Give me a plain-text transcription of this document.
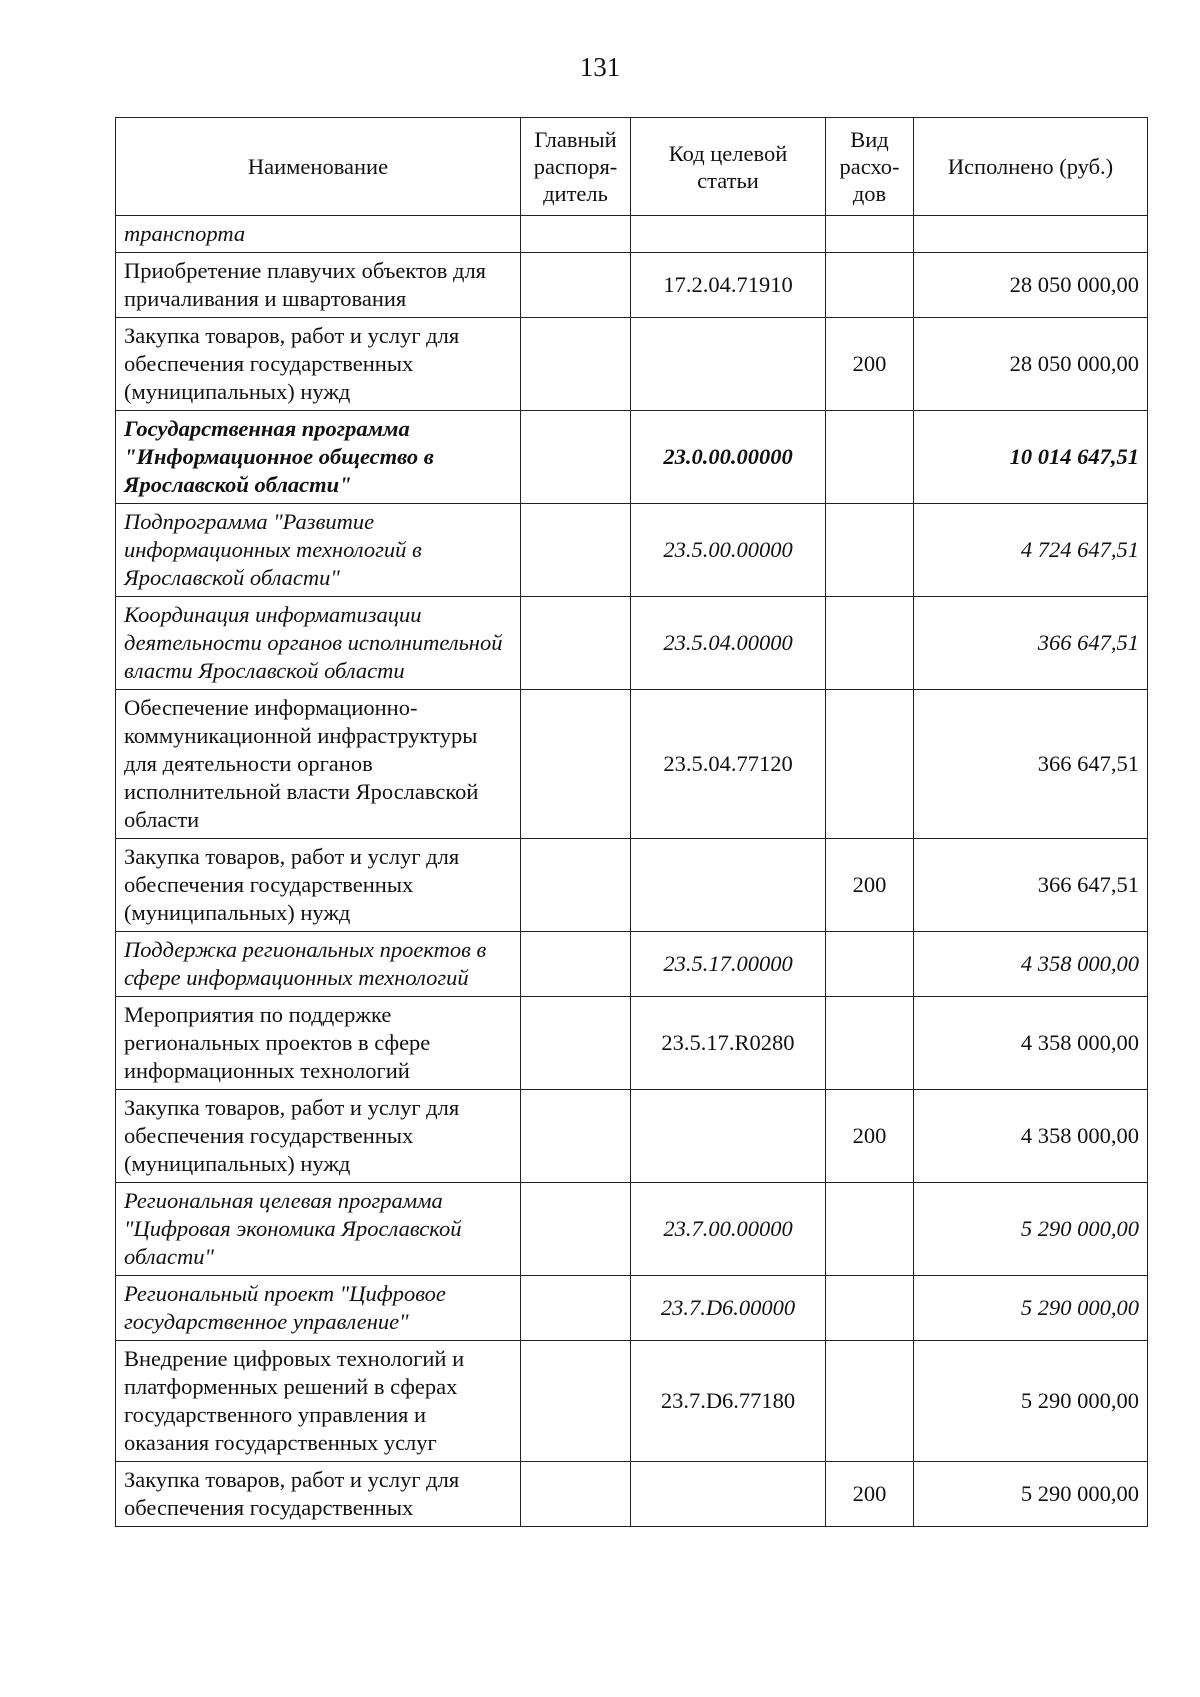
131
Наименование	Главный распоря-дитель	Код целевой статьи	Вид расхо-дов	Исполнено (руб.)
транспорта				
Приобретение плавучих объектов для причаливания и швартования		17.2.04.71910		28 050 000,00
Закупка товаров, работ и услуг для обеспечения государственных (муниципальных) нужд			200	28 050 000,00
Государственная программа "Информационное общество в Ярославской области"		23.0.00.00000		10 014 647,51
Подпрограмма "Развитие информационных технологий в Ярославской области"		23.5.00.00000		4 724 647,51
Координация информатизации деятельности органов исполнительной власти Ярославской области		23.5.04.00000		366 647,51
Обеспечение информационно-коммуникационной инфраструктуры для деятельности органов исполнительной власти Ярославской области		23.5.04.77120		366 647,51
Закупка товаров, работ и услуг для обеспечения государственных (муниципальных) нужд			200	366 647,51
Поддержка региональных проектов в сфере информационных технологий		23.5.17.00000		4 358 000,00
Мероприятия по поддержке региональных проектов в сфере информационных технологий		23.5.17.R0280		4 358 000,00
Закупка товаров, работ и услуг для обеспечения государственных (муниципальных) нужд			200	4 358 000,00
Региональная целевая программа "Цифровая экономика Ярославской области"		23.7.00.00000		5 290 000,00
Региональный проект "Цифровое государственное управление"		23.7.D6.00000		5 290 000,00
Внедрение цифровых технологий и платформенных решений в сферах государственного управления и оказания государственных услуг		23.7.D6.77180		5 290 000,00
Закупка товаров, работ и услуг для обеспечения государственных			200	5 290 000,00
